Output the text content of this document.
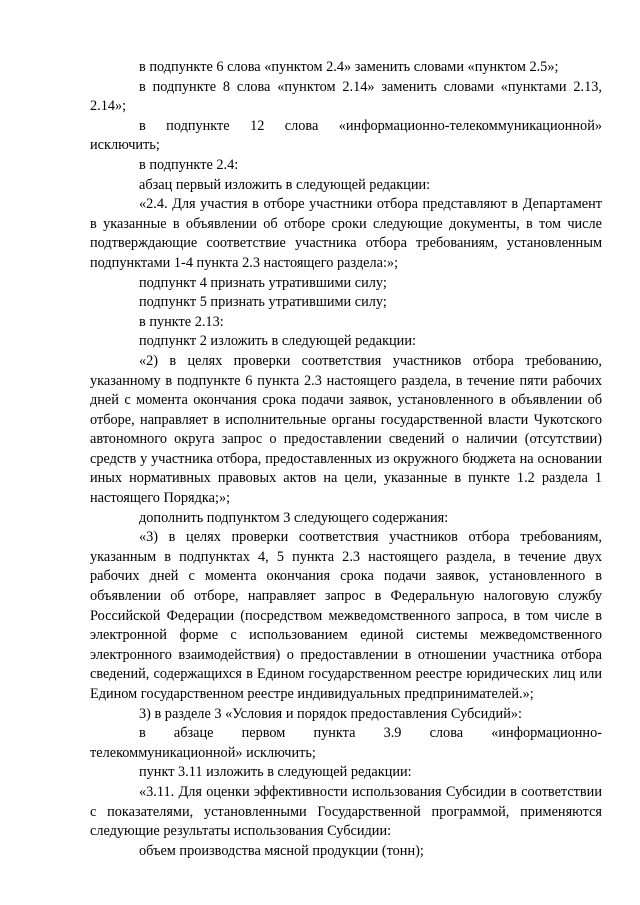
в подпункте 6 слова «пунктом 2.4» заменить словами «пунктом 2.5»;

в подпункте 8 слова «пунктом 2.14» заменить словами «пунктами 2.13, 2.14»;

в подпункте 12 слова «информационно-телекоммуникационной» исключить;

в подпункте 2.4:

абзац первый изложить в следующей редакции:

«2.4. Для участия в отборе участники отбора представляют в Департамент в указанные в объявлении об отборе сроки следующие документы, в том числе подтверждающие соответствие участника отбора требованиям, установленным подпунктами 1-4 пункта 2.3 настоящего раздела:»;

подпункт 4 признать утратившими силу;

подпункт 5 признать утратившими силу;

в пункте 2.13:

подпункт 2 изложить в следующей редакции:

«2) в целях проверки соответствия участников отбора требованию, указанному в подпункте 6 пункта 2.3 настоящего раздела, в течение пяти рабочих дней с момента окончания срока подачи заявок, установленного в объявлении об отборе, направляет в исполнительные органы государственной власти Чукотского автономного округа запрос о предоставлении сведений о наличии (отсутствии) средств у участника отбора, предоставленных из окружного бюджета на основании иных нормативных правовых актов на цели, указанные в пункте 1.2 раздела 1 настоящего Порядка;»;

дополнить подпунктом 3 следующего содержания:

«3) в целях проверки соответствия участников отбора требованиям, указанным в подпунктах 4, 5 пункта 2.3 настоящего раздела, в течение двух рабочих дней с момента окончания срока подачи заявок, установленного в объявлении об отборе, направляет запрос в Федеральную налоговую службу Российской Федерации (посредством межведомственного запроса, в том числе в электронной форме с использованием единой системы межведомственного электронного взаимодействия) о предоставлении в отношении участника отбора сведений, содержащихся в Едином государственном реестре юридических лиц или Едином государственном реестре индивидуальных предпринимателей.»;

3) в разделе 3 «Условия и порядок предоставления Субсидий»:

в абзаце первом пункта 3.9 слова «информационно-телекоммуникационной» исключить;

пункт 3.11 изложить в следующей редакции:

«3.11. Для оценки эффективности использования Субсидии в соответствии с показателями, установленными Государственной программой, применяются следующие результаты использования Субсидии:

объем производства мясной продукции (тонн);
